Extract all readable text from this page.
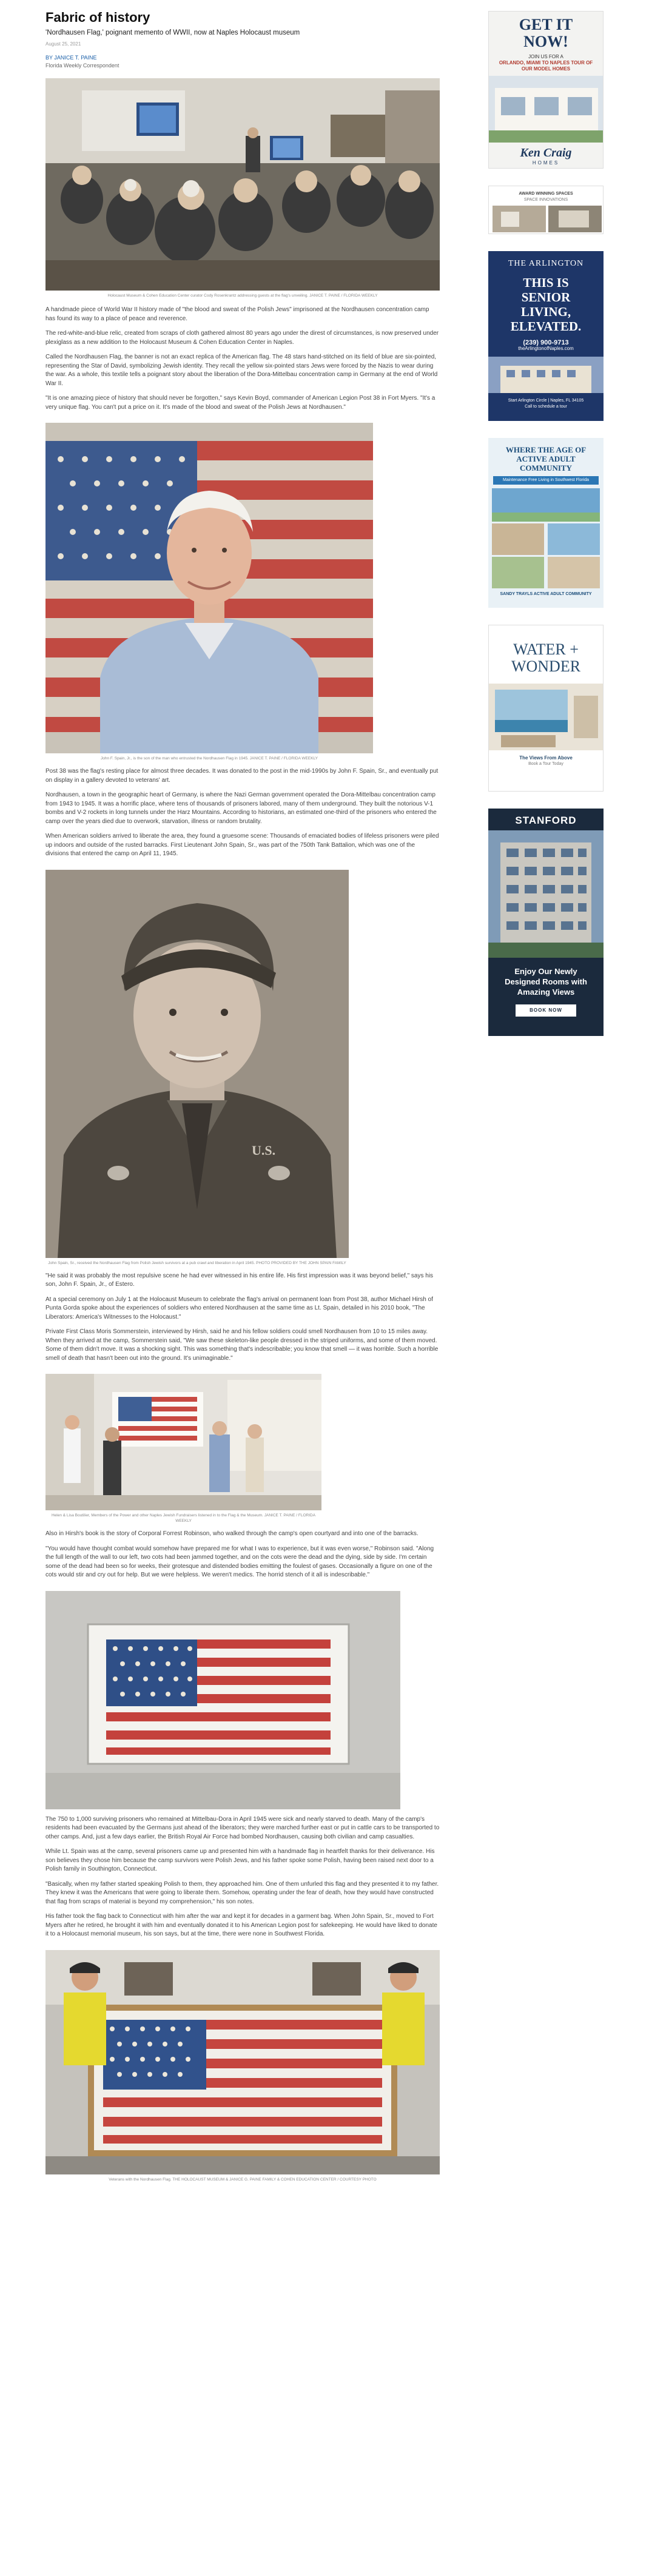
Fabric of history
'Nordhausen Flag,' poignant memento of WWII, now at Naples Holocaust museum
August 25, 2021
BY JANICE T. PAINE
Florida Weekly Correspondent
Holocaust Museum & Cohen Education Center curator Cody Rosenkrantz addressing guests at the flag's unveiling. JANICE T. PAINE / FLORIDA WEEKLY

A handmade piece of World War II history made of "the blood and sweat of the Polish Jews" imprisoned at the Nordhausen concentration camp has found its way to a place of peace and reverence.

The red-white-and-blue relic, created from scraps of cloth gathered almost 80 years ago under the direst of circumstances, is now preserved under plexiglass as a new addition to the Holocaust Museum & Cohen Education Center in Naples.

Called the Nordhausen Flag, the banner is not an exact replica of the American flag. The 48 stars hand-stitched on its field of blue are six-pointed, representing the Star of David, symbolizing Jewish identity. They recall the yellow six-pointed stars Jews were forced by the Nazis to wear during the war. As a whole, this textile tells a poignant story about the liberation of the Dora-Mittelbau concentration camp in Germany at the end of World War II.

"It is one amazing piece of history that should never be forgotten," says Kevin Boyd, commander of American Legion Post 38 in Fort Myers. "It's a very unique flag. You can't put a price on it. It's made of the blood and sweat of the Polish Jews at Nordhausen."

John F. Spain, Jr., is the son of the man who entrusted the Nordhausen Flag in 1945. JANICE T. PAINE / FLORIDA WEEKLY

Post 38 was the flag's resting place for almost three decades. It was donated to the post in the mid-1990s by John F. Spain, Sr., and eventually put on display in a gallery devoted to veterans' art.

Nordhausen, a town in the geographic heart of Germany, is where the Nazi German government operated the Dora-Mittelbau concentration camp from 1943 to 1945. It was a horrific place, where tens of thousands of prisoners labored, many of them underground. They built the notorious V-1 bombs and V-2 rockets in long tunnels under the Harz Mountains. According to historians, an estimated one-third of the prisoners who entered the camp over the years died due to overwork, starvation, illness or random brutality.

When American soldiers arrived to liberate the area, they found a gruesome scene: Thousands of emaciated bodies of lifeless prisoners were piled up indoors and outside of the rusted barracks. First Lieutenant John Spain, Sr., was part of the 750th Tank Battalion, which was one of the divisions that entered the camp on April 11, 1945.

U.S.
John Spain, Sr., received the Nordhausen Flag from Polish Jewish survivors at a pub crawl and liberation in April 1945. PHOTO PROVIDED BY THE JOHN SPAIN FAMILY

"He said it was probably the most repulsive scene he had ever witnessed in his entire life. His first impression was it was beyond belief," says his son, John F. Spain, Jr., of Estero.

At a special ceremony on July 1 at the Holocaust Museum to celebrate the flag's arrival on permanent loan from Post 38, author Michael Hirsh of Punta Gorda spoke about the experiences of soldiers who entered Nordhausen at the same time as Lt. Spain, detailed in his 2010 book, "The Liberators: America's Witnesses to the Holocaust."

Private First Class Moris Sommerstein, interviewed by Hirsh, said he and his fellow soldiers could smell Nordhausen from 10 to 15 miles away. When they arrived at the camp, Sommerstein said, "We saw these skeleton-like people dressed in the striped uniforms, and some of them moved. Some of them didn't move. It was a shocking sight. This was something that's indescribable; you know that smell — it was horrible. Such a horrible smell of death that hasn't been out into the ground. It's unimaginable."

Helen & Lisa Boutilier, Members of the Power and other Naples Jewish Fundraisers listened in to the Flag & the Museum. JANICE T. PAINE / FLORIDA WEEKLY

Also in Hirsh's book is the story of Corporal Forrest Robinson, who walked through the camp's open courtyard and into one of the barracks.

"You would have thought combat would somehow have prepared me for what I was to experience, but it was even worse," Robinson said. "Along the full length of the wall to our left, two cots had been jammed together, and on the cots were the dead and the dying, side by side. I'm certain some of the dead had been so for weeks, their grotesque and distended bodies emitting the foulest of gases. Occasionally a figure on one of the cots would stir and cry out for help. But we were helpless. We weren't medics. The horrid stench of it all is indescribable."

The 750 to 1,000 surviving prisoners who remained at Mittelbau-Dora in April 1945 were sick and nearly starved to death. Many of the camp's residents had been evacuated by the Germans just ahead of the liberators; they were marched further east or put in cattle cars to be transported to other camps. And, just a few days earlier, the British Royal Air Force had bombed Nordhausen, causing both civilian and camp casualties.

While Lt. Spain was at the camp, several prisoners came up and presented him with a handmade flag in heartfelt thanks for their deliverance. His son believes they chose him because the camp survivors were Polish Jews, and his father spoke some Polish, having been raised next door to a Polish family in Southington, Connecticut.

"Basically, when my father started speaking Polish to them, they approached him. One of them unfurled this flag and they presented it to my father. They knew it was the Americans that were going to liberate them. Somehow, operating under the fear of death, how they would have constructed that flag from scraps of material is beyond my comprehension," his son notes.

His father took the flag back to Connecticut with him after the war and kept it for decades in a garment bag. When John Spain, Sr., moved to Fort Myers after he retired, he brought it with him and eventually donated it to his American Legion post for safekeeping. He would have liked to donate it to a Holocaust memorial museum, his son says, but at the time, there were none in Southwest Florida.

Veterans with the Nordhausen Flag. THE HOLOCAUST MUSEUM & JANICE G. PAINE FAMILY & COHEN EDUCATION CENTER / COURTESY PHOTO
GET IT NOW!
JOIN US FOR A
ORLANDO, MIAMI TO NAPLES TOUR OF OUR MODEL HOMES
Ken Craig
HOMES
AWARD WINNING SPACES
SPACE INNOVATIONS
THE ARLINGTON
THIS IS SENIOR LIVING, ELEVATED.
(239) 900-9713
theArlingtonofNaples.com
Start Arlington Circle | Naples, FL 34105
Call to schedule a tour
WHERE THE AGE OF ACTIVE ADULT COMMUNITY
Maintenance Free Living in Southwest Florida
SANDY TRAYLS ACTIVE ADULT COMMUNITY
WATER + WONDER
The Views From Above
Book a Tour Today
STANFORD
Enjoy Our Newly Designed Rooms with Amazing Views
BOOK NOW
